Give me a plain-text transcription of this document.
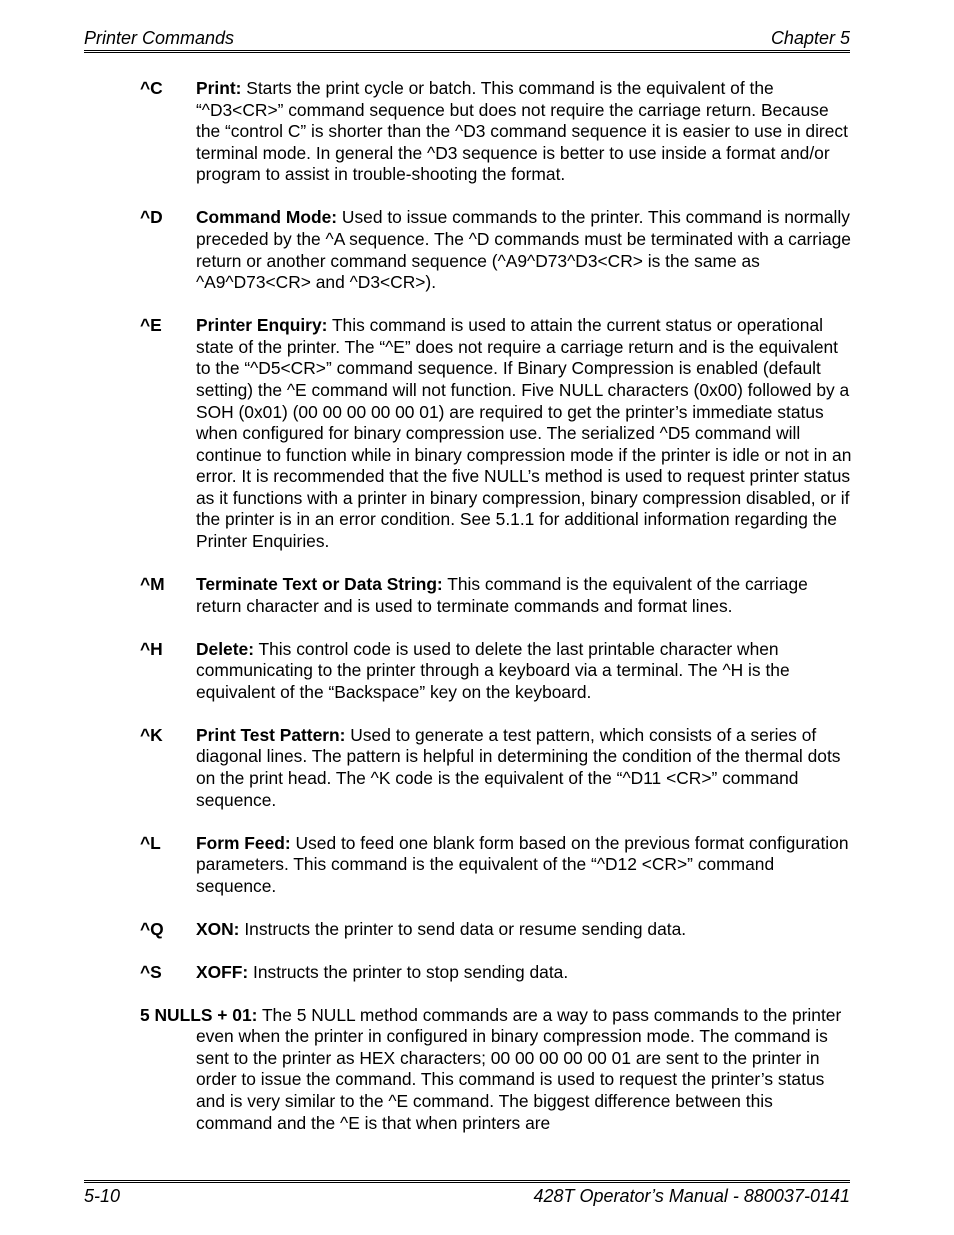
Printer Commands	Chapter 5
^C Print: Starts the print cycle or batch. This command is the equivalent of the “^D3<CR>” command sequence but does not require the carriage return. Because the “control C” is shorter than the ^D3 command sequence it is easier to use in direct terminal mode. In general the ^D3 sequence is better to use inside a format and/or program to assist in trouble-shooting the format.
^D Command Mode: Used to issue commands to the printer. This command is normally preceded by the ^A sequence. The ^D commands must be terminated with a carriage return or another command sequence (^A9^D73^D3<CR> is the same as ^A9^D73<CR> and ^D3<CR>).
^E Printer Enquiry: This command is used to attain the current status or operational state of the printer. The “^E” does not require a carriage return and is the equivalent to the “^D5<CR>” command sequence. If Binary Compression is enabled (default setting) the ^E command will not function. Five NULL characters (0x00) followed by a SOH (0x01) (00 00 00 00 00 01) are required to get the printer’s immediate status when configured for binary compression use. The serialized ^D5 command will continue to function while in binary compression mode if the printer is idle or not in an error. It is recommended that the five NULL’s method is used to request printer status as it functions with a printer in binary compression, binary compression disabled, or if the printer is in an error condition. See 5.1.1 for additional information regarding the Printer Enquiries.
^M Terminate Text or Data String: This command is the equivalent of the carriage return character and is used to terminate commands and format lines.
^H Delete: This control code is used to delete the last printable character when communicating to the printer through a keyboard via a terminal. The ^H is the equivalent of the “Backspace” key on the keyboard.
^K Print Test Pattern: Used to generate a test pattern, which consists of a series of diagonal lines. The pattern is helpful in determining the condition of the thermal dots on the print head. The ^K code is the equivalent of the “^D11 <CR>” command sequence.
^L Form Feed: Used to feed one blank form based on the previous format configuration parameters. This command is the equivalent of the “^D12 <CR>” command sequence.
^Q XON: Instructs the printer to send data or resume sending data.
^S XOFF: Instructs the printer to stop sending data.
5 NULLS + 01: The 5 NULL method commands are a way to pass commands to the printer even when the printer in configured in binary compression mode. The command is sent to the printer as HEX characters; 00 00 00 00 00 01 are sent to the printer in order to issue the command. This command is used to request the printer’s status and is very similar to the ^E command. The biggest difference between this command and the ^E is that when printers are
5-10	428T Operator’s Manual - 880037-0141
